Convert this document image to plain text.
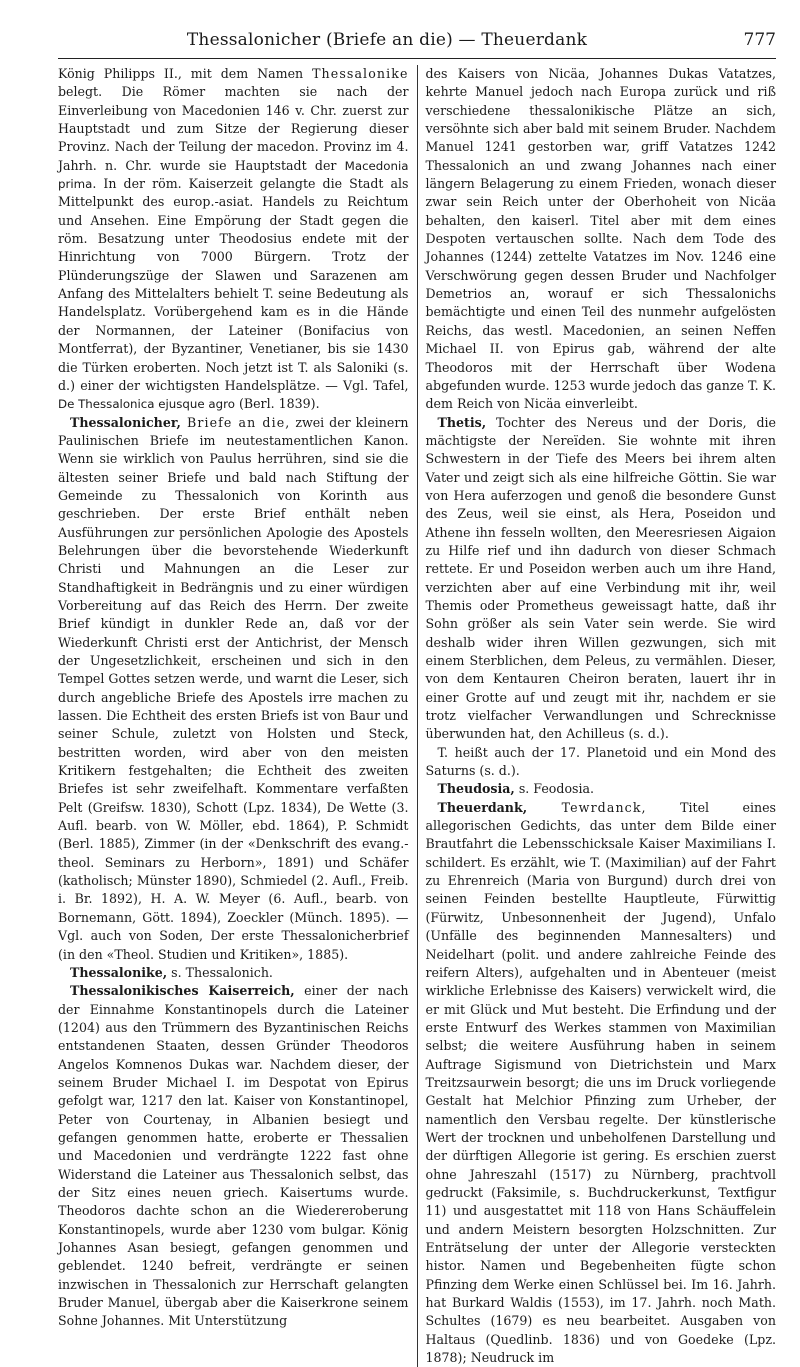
Thessalonicher (Briefe an die) — Theuerdank	777

König Philipps II., mit dem Namen Thessalonike belegt. Die Römer machten sie nach der Einverleibung von Macedonien 146 v. Chr. zuerst zur Hauptstadt und zum Sitze der Regierung dieser Provinz. Nach der Teilung der macedon. Provinz im 4. Jahrh. n. Chr. wurde sie Hauptstadt der Macedonia prima. In der röm. Kaiserzeit gelangte die Stadt als Mittelpunkt des europ.-asiat. Handels zu Reichtum und Ansehen. Eine Empörung der Stadt gegen die röm. Besatzung unter Theodosius endete mit der Hinrichtung von 7000 Bürgern. Trotz der Plünderungszüge der Slawen und Sarazenen am Anfang des Mittelalters behielt T. seine Bedeutung als Handelsplatz. Vorübergehend kam es in die Hände der Normannen, der Lateiner (Bonifacius von Montferrat), der Byzantiner, Venetianer, bis sie 1430 die Türken eroberten. Noch jetzt ist T. als Saloniki (s. d.) einer der wichtigsten Handelsplätze. — Vgl. Tafel, De Thessalonica ejusque agro (Berl. 1839).

Thessalonicher, Briefe an die, zwei der kleinern Paulinischen Briefe im neutestamentlichen Kanon. Wenn sie wirklich von Paulus herrühren, sind sie die ältesten seiner Briefe und bald nach Stiftung der Gemeinde zu Thessalonich von Korinth aus geschrieben. Der erste Brief enthält neben Ausführungen zur persönlichen Apologie des Apostels Belehrungen über die bevorstehende Wiederkunft Christi und Mahnungen an die Leser zur Standhaftigkeit in Bedrängnis und zu einer würdigen Vorbereitung auf das Reich des Herrn. Der zweite Brief kündigt in dunkler Rede an, daß vor der Wiederkunft Christi erst der Antichrist, der Mensch der Ungesetzlichkeit, erscheinen und sich in den Tempel Gottes setzen werde, und warnt die Leser, sich durch angebliche Briefe des Apostels irre machen zu lassen. Die Echtheit des ersten Briefs ist von Baur und seiner Schule, zuletzt von Holsten und Steck, bestritten worden, wird aber von den meisten Kritikern festgehalten; die Echtheit des zweiten Briefes ist sehr zweifelhaft. Kommentare verfaßten Pelt (Greifsw. 1830), Schott (Lpz. 1834), De Wette (3. Aufl. bearb. von W. Möller, ebd. 1864), P. Schmidt (Berl. 1885), Zimmer (in der «Denkschrift des evang.-theol. Seminars zu Herborn», 1891) und Schäfer (katholisch; Münster 1890), Schmiedel (2. Aufl., Freib. i. Br. 1892), H. A. W. Meyer (6. Aufl., bearb. von Bornemann, Gött. 1894), Zoeckler (Münch. 1895). — Vgl. auch von Soden, Der erste Thessalonicherbrief (in den «Theol. Studien und Kritiken», 1885).

Thessalonike, s. Thessalonich.

Thessalonikisches Kaiserreich, einer der nach der Einnahme Konstantinopels durch die Lateiner (1204) aus den Trümmern des Byzantinischen Reichs entstandenen Staaten, dessen Gründer Theodoros Angelos Komnenos Dukas war. Nachdem dieser, der seinem Bruder Michael I. im Despotat von Epirus gefolgt war, 1217 den lat. Kaiser von Konstantinopel, Peter von Courtenay, in Albanien besiegt und gefangen genommen hatte, eroberte er Thessalien und Macedonien und verdrängte 1222 fast ohne Widerstand die Lateiner aus Thessalonich selbst, das der Sitz eines neuen griech. Kaisertums wurde. Theodoros dachte schon an die Wiedereroberung Konstantinopels, wurde aber 1230 vom bulgar. König Johannes Asan besiegt, gefangen genommen und geblendet. 1240 befreit, verdrängte er seinen inzwischen in Thessalonich zur Herrschaft gelangten Bruder Manuel, übergab aber die Kaiserkrone seinem Sohne Johannes. Mit Unterstützung

des Kaisers von Nicäa, Johannes Dukas Vatatzes, kehrte Manuel jedoch nach Europa zurück und riß verschiedene thessalonikische Plätze an sich, versöhnte sich aber bald mit seinem Bruder. Nachdem Manuel 1241 gestorben war, griff Vatatzes 1242 Thessalonich an und zwang Johannes nach einer längern Belagerung zu einem Frieden, wonach dieser zwar sein Reich unter der Oberhoheit von Nicäa behalten, den kaiserl. Titel aber mit dem eines Despoten vertauschen sollte. Nach dem Tode des Johannes (1244) zettelte Vatatzes im Nov. 1246 eine Verschwörung gegen dessen Bruder und Nachfolger Demetrios an, worauf er sich Thessalonichs bemächtigte und einen Teil des nunmehr aufgelösten Reichs, das westl. Macedonien, an seinen Neffen Michael II. von Epirus gab, während der alte Theodoros mit der Herrschaft über Wodena abgefunden wurde. 1253 wurde jedoch das ganze T. K. dem Reich von Nicäa einverleibt.

Thetis, Tochter des Nereus und der Doris, die mächtigste der Nereïden. Sie wohnte mit ihren Schwestern in der Tiefe des Meers bei ihrem alten Vater und zeigt sich als eine hilfreiche Göttin. Sie war von Hera auferzogen und genoß die besondere Gunst des Zeus, weil sie einst, als Hera, Poseidon und Athene ihn fesseln wollten, den Meeresriesen Aigaion zu Hilfe rief und ihn dadurch von dieser Schmach rettete. Er und Poseidon werben auch um ihre Hand, verzichten aber auf eine Verbindung mit ihr, weil Themis oder Prometheus geweissagt hatte, daß ihr Sohn größer als sein Vater sein werde. Sie wird deshalb wider ihren Willen gezwungen, sich mit einem Sterblichen, dem Peleus, zu vermählen. Dieser, von dem Kentauren Cheiron beraten, lauert ihr in einer Grotte auf und zeugt mit ihr, nachdem er sie trotz vielfacher Verwandlungen und Schrecknisse überwunden hat, den Achilleus (s. d.).

T. heißt auch der 17. Planetoid und ein Mond des Saturns (s. d.).

Theudosia, s. Feodosia.

Theuerdank, Tewrdanck, Titel eines allegorischen Gedichts, das unter dem Bilde einer Brautfahrt die Lebensschicksale Kaiser Maximilians I. schildert. Es erzählt, wie T. (Maximilian) auf der Fahrt zu Ehrenreich (Maria von Burgund) durch drei von seinen Feinden bestellte Hauptleute, Fürwittig (Fürwitz, Unbesonnenheit der Jugend), Unfalo (Unfälle des beginnenden Mannesalters) und Neidelhart (polit. und andere zahlreiche Feinde des reifern Alters), aufgehalten und in Abenteuer (meist wirkliche Erlebnisse des Kaisers) verwickelt wird, die er mit Glück und Mut besteht. Die Erfindung und der erste Entwurf des Werkes stammen von Maximilian selbst; die weitere Ausführung haben in seinem Auftrage Sigismund von Dietrichstein und Marx Treitzsaurwein besorgt; die uns im Druck vorliegende Gestalt hat Melchior Pfinzing zum Urheber, der namentlich den Versbau regelte. Der künstlerische Wert der trocknen und unbeholfenen Darstellung und der dürftigen Allegorie ist gering. Es erschien zuerst ohne Jahreszahl (1517) zu Nürnberg, prachtvoll gedruckt (Faksimile, s. Buchdruckerkunst, Textfigur 11) und ausgestattet mit 118 von Hans Schäuffelein und andern Meistern besorgten Holzschnitten. Zur Enträtselung der unter der Allegorie versteckten histor. Namen und Begebenheiten fügte schon Pfinzing dem Werke einen Schlüssel bei. Im 16. Jahrh. hat Burkard Waldis (1553), im 17. Jahrh. noch Math. Schultes (1679) es neu bearbeitet. Ausgaben von Haltaus (Quedlinb. 1836) und von Goedeke (Lpz. 1878); Neudruck im
